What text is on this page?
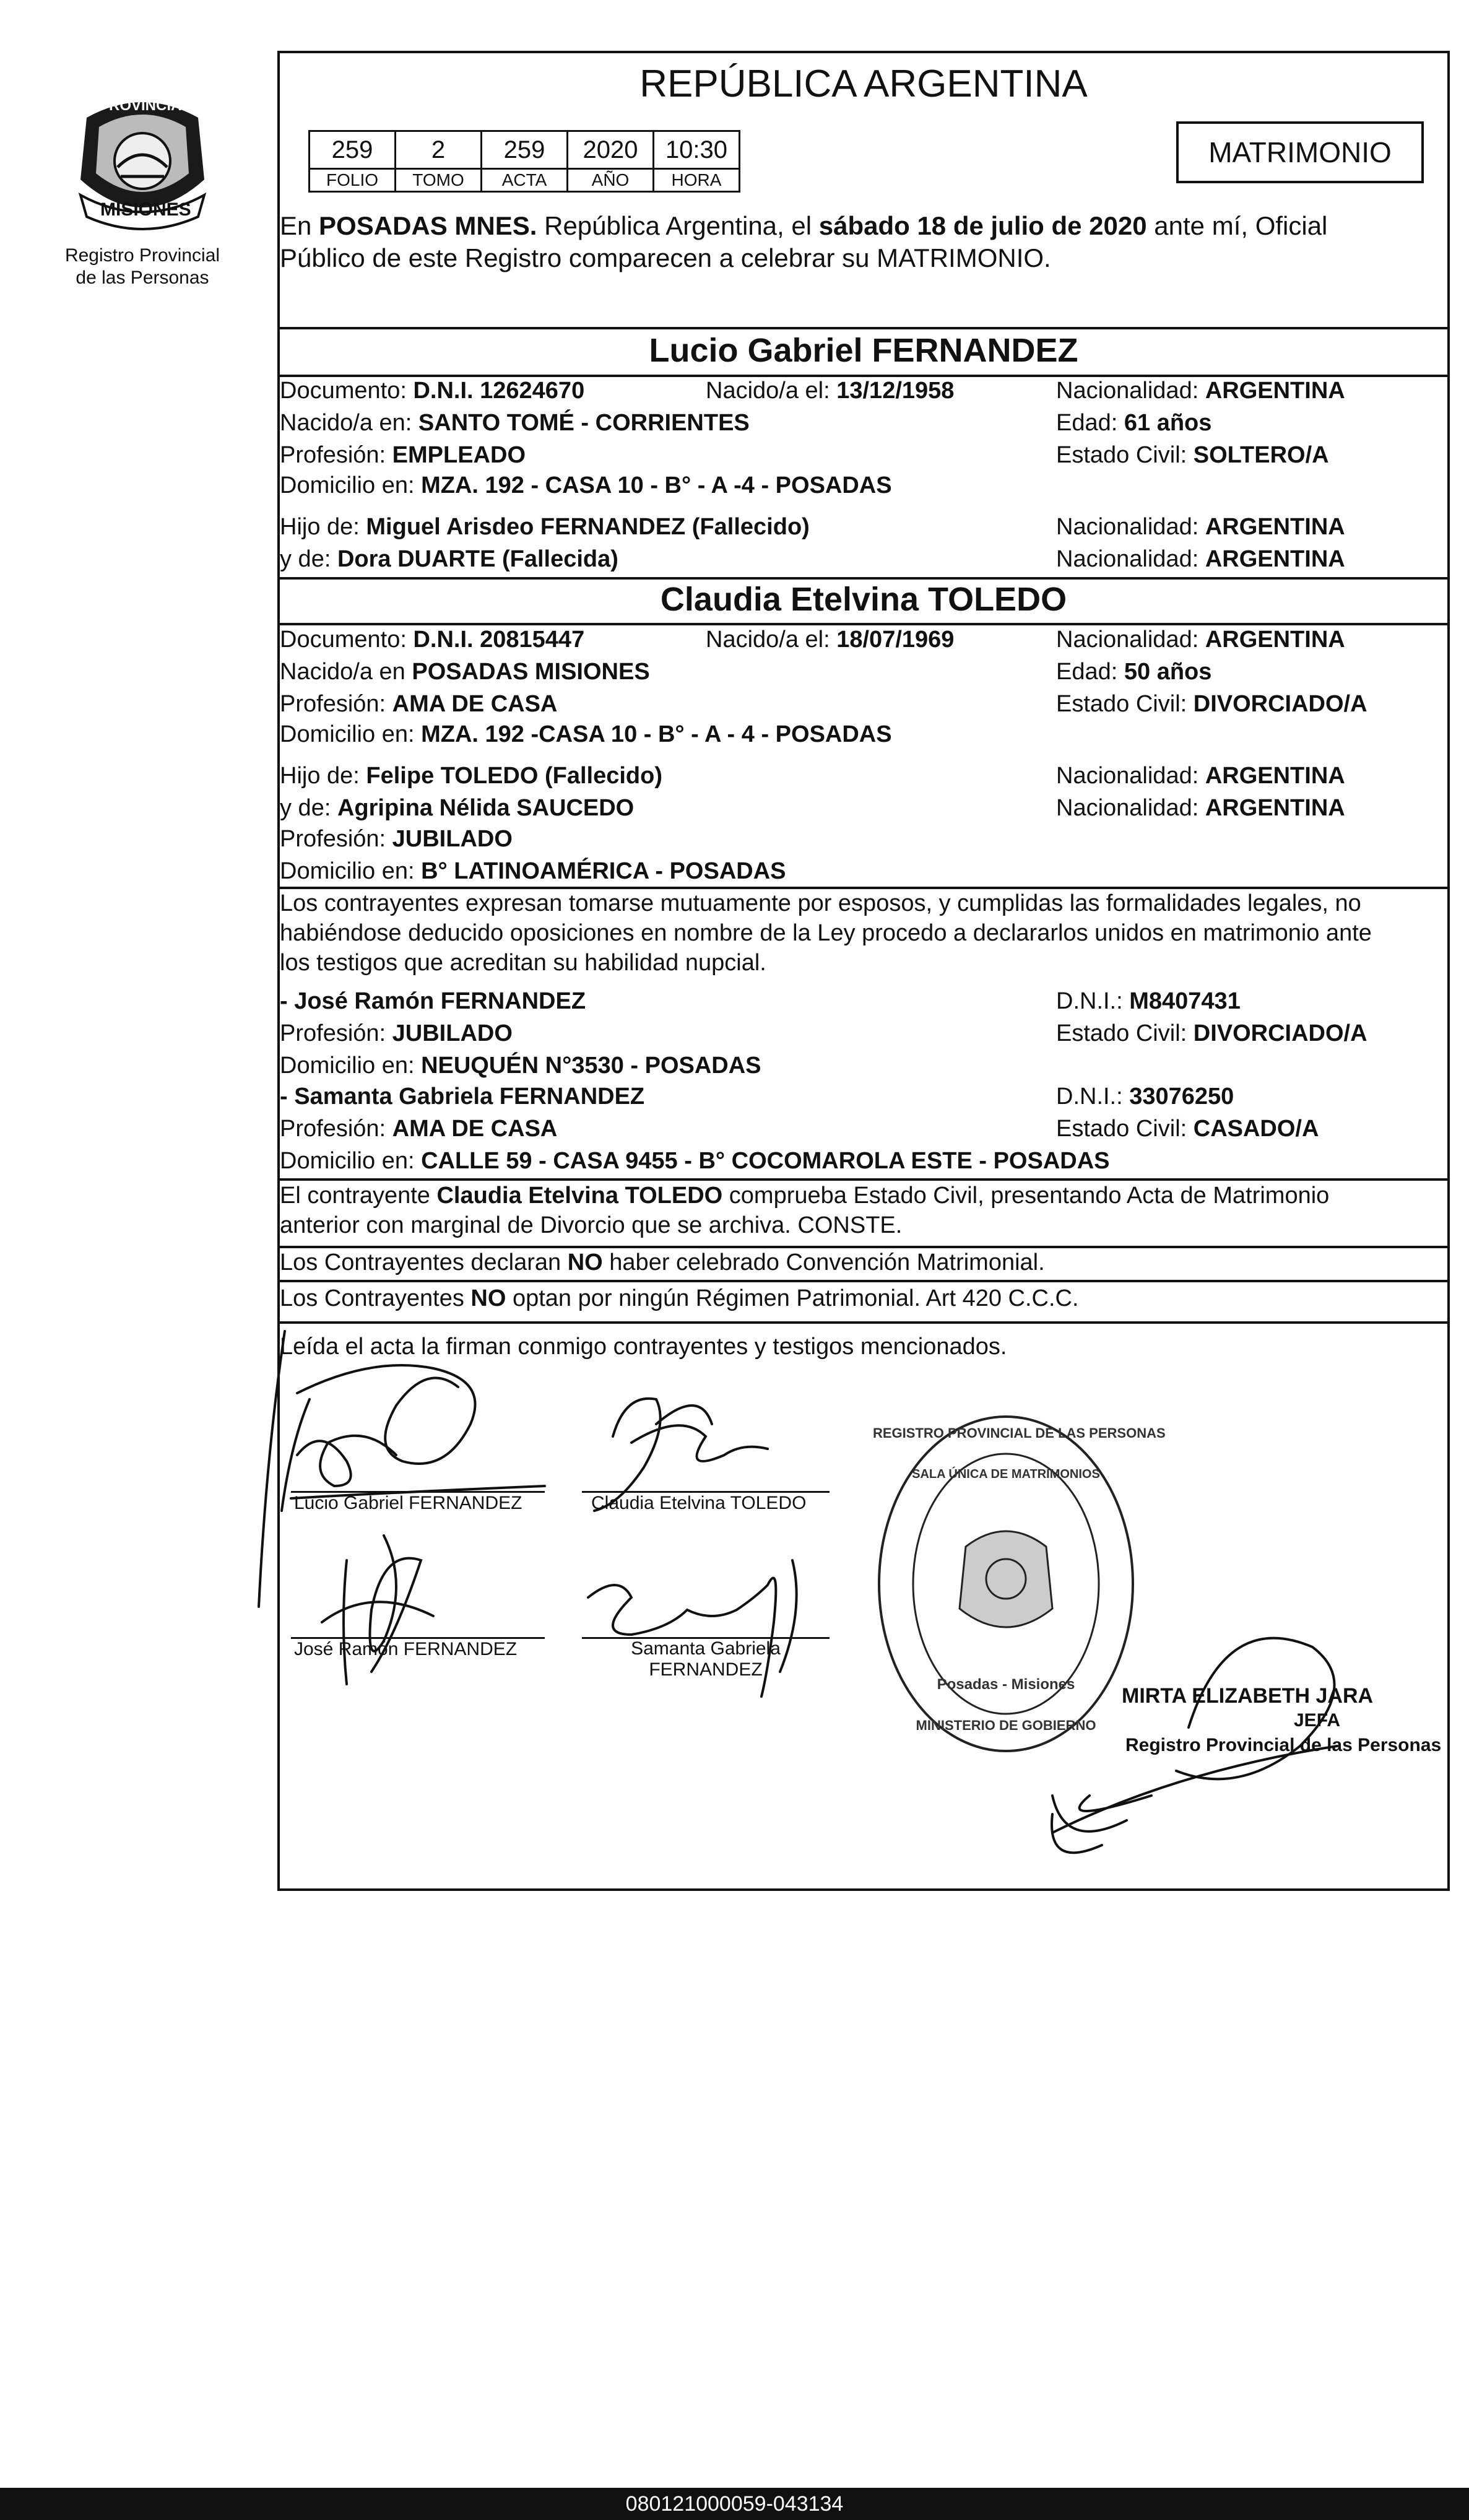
PROVINCIA DE
MISIONES
Registro Provincial
de las Personas
REPÚBLICA ARGENTINA
259	2	259	2020	10:30
FOLIO	TOMO	ACTA	AÑO	HORA
MATRIMONIO
En POSADAS MNES. República Argentina, el sábado 18 de julio de 2020 ante mí, Oficial
Público de este Registro comparecen a celebrar su MATRIMONIO.
Lucio Gabriel FERNANDEZ
Documento: D.N.I. 12624670	Nacido/a el: 13/12/1958	Nacionalidad: ARGENTINA
Nacido/a en: SANTO TOMÉ - CORRIENTES	Edad: 61 años
Profesión: EMPLEADO	Estado Civil: SOLTERO/A
Domicilio en: MZA. 192 - CASA 10 - B° - A -4 - POSADAS
Hijo de: Miguel Arisdeo FERNANDEZ (Fallecido)	Nacionalidad: ARGENTINA
y de: Dora DUARTE (Fallecida)	Nacionalidad: ARGENTINA
Claudia Etelvina TOLEDO
Documento: D.N.I. 20815447	Nacido/a el: 18/07/1969	Nacionalidad: ARGENTINA
Nacido/a en POSADAS MISIONES	Edad: 50 años
Profesión: AMA DE CASA	Estado Civil: DIVORCIADO/A
Domicilio en: MZA. 192 -CASA 10 - B° - A - 4 - POSADAS
Hijo de: Felipe TOLEDO (Fallecido)	Nacionalidad: ARGENTINA
y de: Agripina Nélida SAUCEDO	Nacionalidad: ARGENTINA
Profesión: JUBILADO
Domicilio en: B° LATINOAMÉRICA - POSADAS
Los contrayentes expresan tomarse mutuamente por esposos, y cumplidas las formalidades legales, no
habiéndose deducido oposiciones en nombre de la Ley procedo a declararlos unidos en matrimonio ante
los testigos que acreditan su habilidad nupcial.
- José Ramón FERNANDEZ	D.N.I.: M8407431
Profesión: JUBILADO	Estado Civil: DIVORCIADO/A
Domicilio en: NEUQUÉN N°3530 - POSADAS
- Samanta Gabriela FERNANDEZ	D.N.I.: 33076250
Profesión: AMA DE CASA	Estado Civil: CASADO/A
Domicilio en: CALLE 59 - CASA 9455 - B° COCOMAROLA ESTE - POSADAS
El contrayente Claudia Etelvina TOLEDO comprueba Estado Civil, presentando Acta de Matrimonio
anterior con marginal de Divorcio que se archiva. CONSTE.
Los Contrayentes declaran NO haber celebrado Convención Matrimonial.
Los Contrayentes NO optan por ningún Régimen Patrimonial. Art 420 C.C.C.
Leída el acta la firman conmigo contrayentes y testigos mencionados.
Lucio Gabriel FERNANDEZ	Claudia Etelvina TOLEDO
José Ramón FERNANDEZ	Samanta Gabriela
FERNANDEZ
REGISTRO PROVINCIAL DE LAS PERSONAS
SALA ÚNICA DE MATRIMONIOS
Posadas - Misiones
MINISTERIO DE GOBIERNO
MIRTA ELIZABETH JARA
JEFA
Registro Provincial de las Personas
080121000059-043134
